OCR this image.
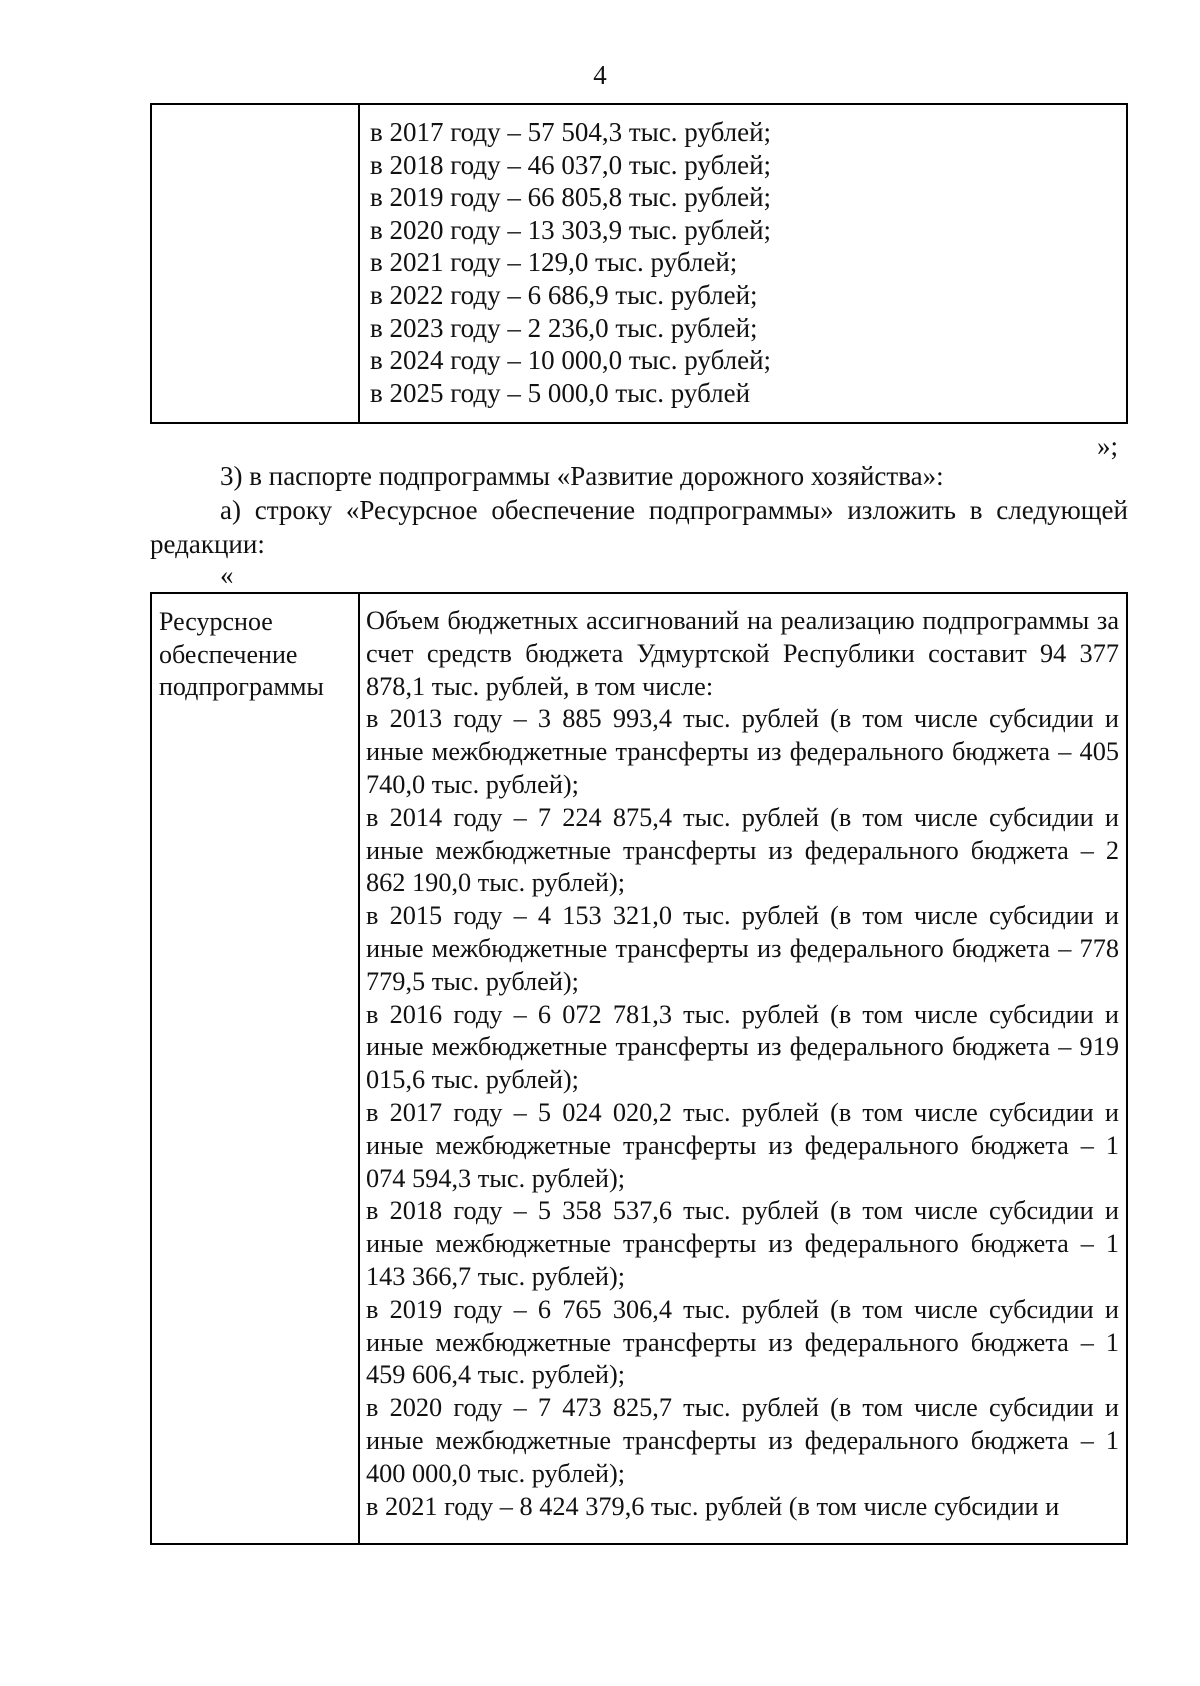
4
в 2017 году – 57 504,3 тыс. рублей;
в 2018 году – 46 037,0 тыс. рублей;
в 2019 году – 66 805,8 тыс. рублей;
в 2020 году – 13 303,9 тыс. рублей;
в 2021 году – 129,0 тыс. рублей;
в 2022 году – 6 686,9 тыс. рублей;
в 2023 году – 2 236,0 тыс. рублей;
в 2024 году – 10 000,0 тыс. рублей;
в 2025 году – 5 000,0 тыс. рублей
»;
3) в паспорте подпрограммы «Развитие дорожного хозяйства»:
а) строку «Ресурсное обеспечение подпрограммы» изложить в следующей редакции:
«
Ресурсное обеспечение подпрограммы
Объем бюджетных ассигнований на реализацию подпрограммы за счет средств бюджета Удмуртской Республики составит 94 377 878,1 тыс. рублей, в том числе:
в 2013 году – 3 885 993,4 тыс. рублей (в том числе субсидии и иные межбюджетные трансферты из федерального бюджета – 405 740,0 тыс. рублей);
в 2014 году – 7 224 875,4 тыс. рублей (в том числе субсидии и иные межбюджетные трансферты из федерального бюджета – 2 862 190,0 тыс. рублей);
в 2015 году – 4 153 321,0 тыс. рублей (в том числе субсидии и иные межбюджетные трансферты из федерального бюджета – 778 779,5 тыс. рублей);
в 2016 году – 6 072 781,3 тыс. рублей (в том числе субсидии и иные межбюджетные трансферты из федерального бюджета – 919 015,6 тыс. рублей);
в 2017 году – 5 024 020,2 тыс. рублей (в том числе субсидии и иные межбюджетные трансферты из федерального бюджета – 1 074 594,3 тыс. рублей);
в 2018 году – 5 358 537,6 тыс. рублей (в том числе субсидии и иные межбюджетные трансферты из федерального бюджета – 1 143 366,7 тыс. рублей);
в 2019 году – 6 765 306,4 тыс. рублей (в том числе субсидии и иные межбюджетные трансферты из федерального бюджета – 1 459 606,4 тыс. рублей);
в 2020 году – 7 473 825,7 тыс. рублей (в том числе субсидии и иные межбюджетные трансферты из федерального бюджета – 1 400 000,0 тыс. рублей);
в 2021 году – 8 424 379,6 тыс. рублей (в том числе субсидии и
